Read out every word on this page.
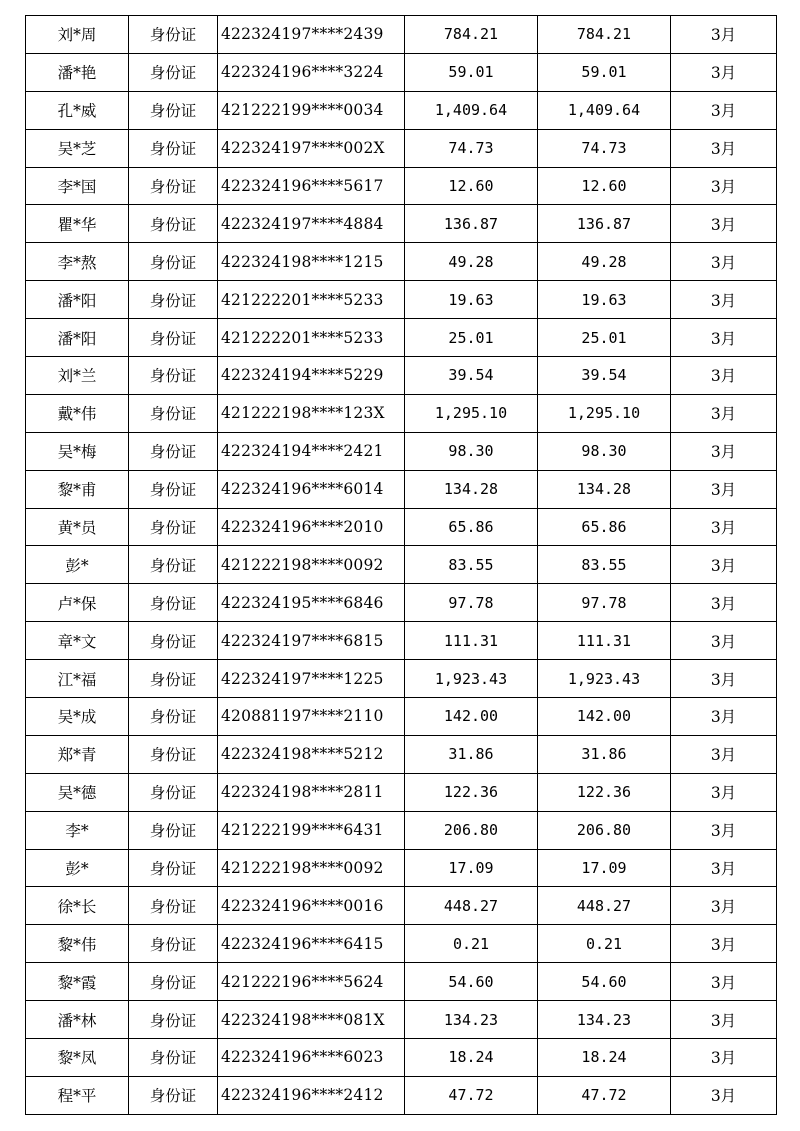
刘*周	身份证	422324197****2439	784.21	784.21	3月
潘*艳	身份证	422324196****3224	59.01	59.01	3月
孔*威	身份证	421222199****0034	1,409.64	1,409.64	3月
吴*芝	身份证	422324197****002X	74.73	74.73	3月
李*国	身份证	422324196****5617	12.60	12.60	3月
瞿*华	身份证	422324197****4884	136.87	136.87	3月
李*熬	身份证	422324198****1215	49.28	49.28	3月
潘*阳	身份证	421222201****5233	19.63	19.63	3月
潘*阳	身份证	421222201****5233	25.01	25.01	3月
刘*兰	身份证	422324194****5229	39.54	39.54	3月
戴*伟	身份证	421222198****123X	1,295.10	1,295.10	3月
吴*梅	身份证	422324194****2421	98.30	98.30	3月
黎*甫	身份证	422324196****6014	134.28	134.28	3月
黄*员	身份证	422324196****2010	65.86	65.86	3月
彭*	身份证	421222198****0092	83.55	83.55	3月
卢*保	身份证	422324195****6846	97.78	97.78	3月
章*文	身份证	422324197****6815	111.31	111.31	3月
江*福	身份证	422324197****1225	1,923.43	1,923.43	3月
吴*成	身份证	420881197****2110	142.00	142.00	3月
郑*青	身份证	422324198****5212	31.86	31.86	3月
吴*德	身份证	422324198****2811	122.36	122.36	3月
李*	身份证	421222199****6431	206.80	206.80	3月
彭*	身份证	421222198****0092	17.09	17.09	3月
徐*长	身份证	422324196****0016	448.27	448.27	3月
黎*伟	身份证	422324196****6415	0.21	0.21	3月
黎*霞	身份证	421222196****5624	54.60	54.60	3月
潘*林	身份证	422324198****081X	134.23	134.23	3月
黎*凤	身份证	422324196****6023	18.24	18.24	3月
程*平	身份证	422324196****2412	47.72	47.72	3月
